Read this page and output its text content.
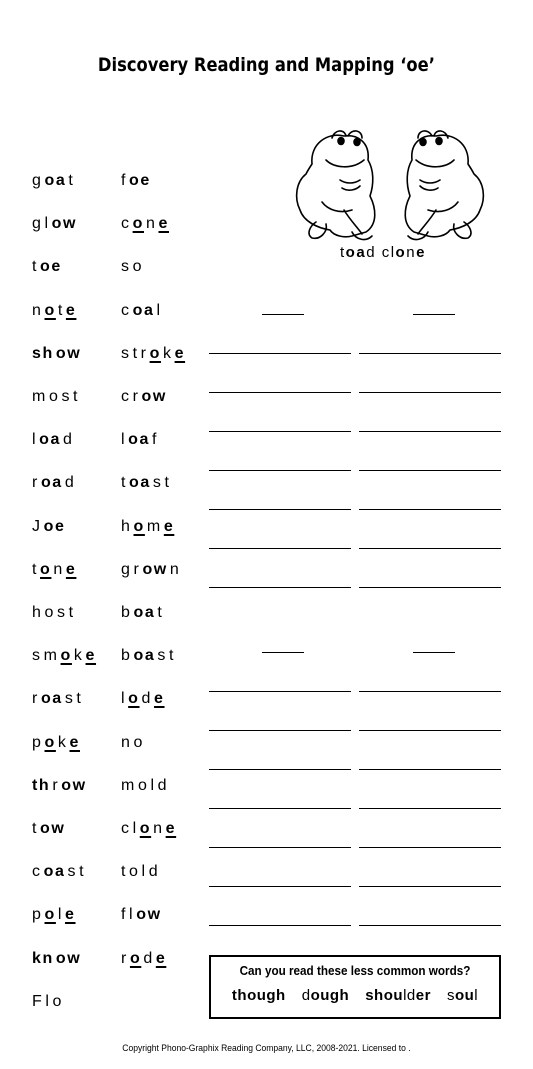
Discovery Reading and Mapping ‘oe’
g oa t
g l ow
t oe
n o t e
sh ow
m o s t
l oa d
r oa d
J oe
t o n e
h o s t
s m o k e
r oa s t
p o k e
th r ow
t ow
c oa s t
p o l e
kn ow
F l o
f oe
c o n e
s o
c oa l
s t r o k e
c r ow
l oa f
t oa s t
h o m e
g r ow n
b oa t
b oa s t
l o d e
n o
m o l d
c l o n e
t o l d
f l ow
r o d e
toad clone
Can you read these less common words?
though dough shoulder soul
Copyright Phono-Graphix Reading Company, LLC, 2008-2021. Licensed to .
